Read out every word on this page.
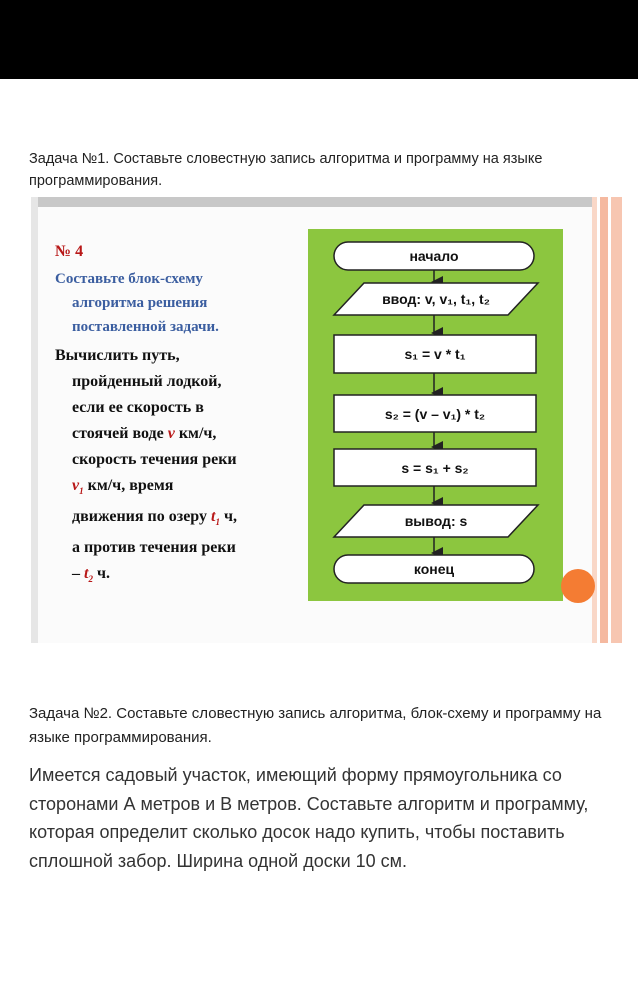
Задача №1. Составьте словестную запись алгоритма и программу на языке программирования.
№ 4
Составьте блок-схему
алгоритма решения
поставленной задачи.
Вычислить путь,
пройденный лодкой,
если ее скорость в
стоячей воде v км/ч,
скорость течения реки
$v_1$ км/ч, время
движения по озеру $t_1$ ч,
а против течения реки
– $t_2$ ч.
начало
ввод: v, v₁, t₁, t₂
s₁ = v * t₁
s₂ = (v – v₁) * t₂
s = s₁ + s₂
вывод: s
конец
Задача №2. Составьте словестную запись алгоритма, блок-схему и программу на языке программирования.
Имеется садовый участок, имеющий форму прямоугольника со сторонами А метров и В метров. Составьте алгоритм и программу, которая определит сколько досок надо купить, чтобы поставить сплошной забор. Ширина одной доски 10 см.
